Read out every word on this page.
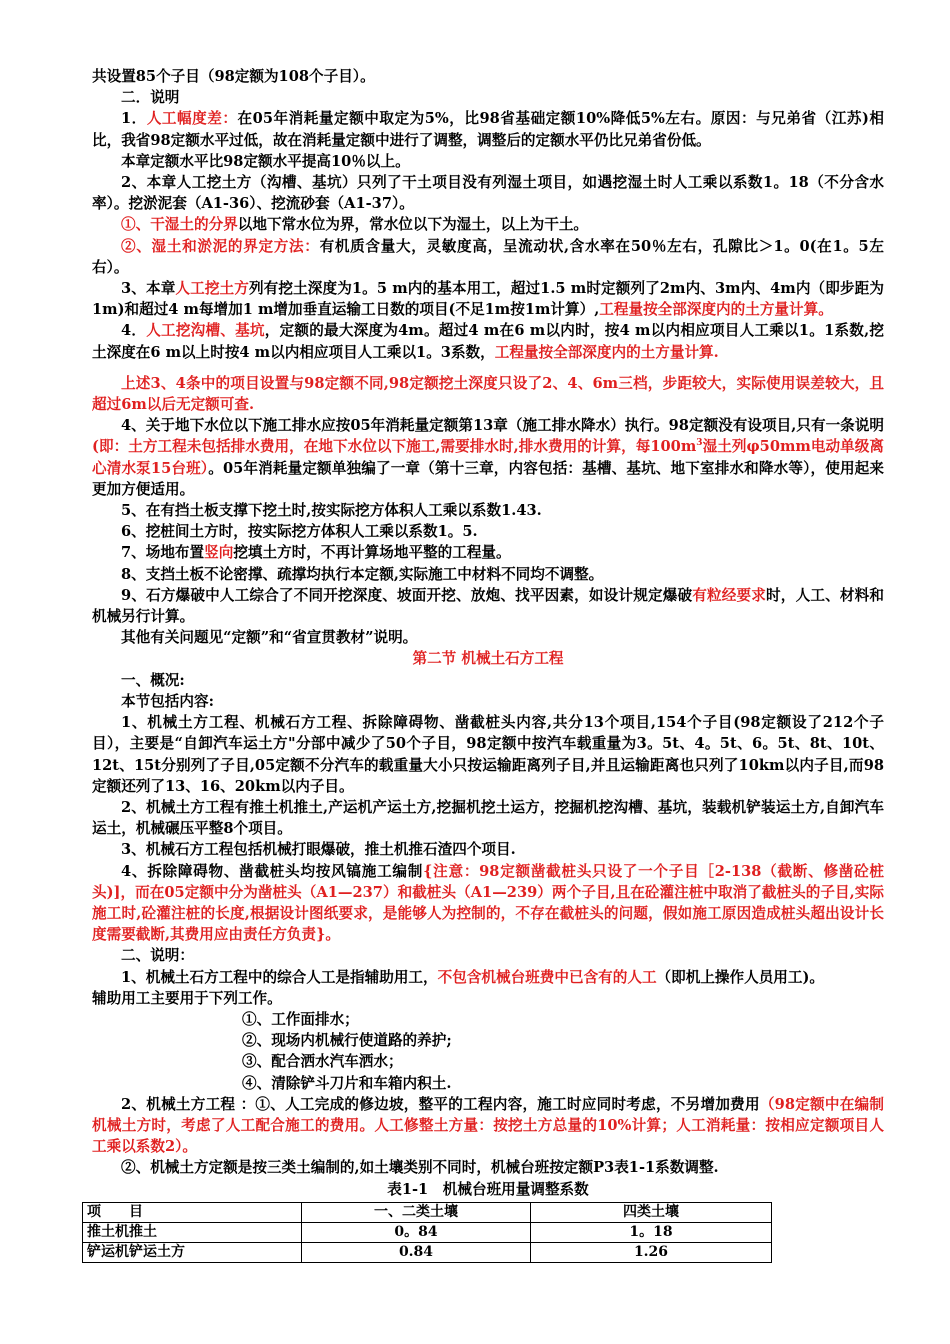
共设置85个子目（98定额为108个子目）。

二．说明

1．人工幅度差：在05年消耗量定额中取定为5%，比98省基础定额10%降低5%左右。原因：与兄弟省（江苏)相比，我省98定额水平过低，故在消耗量定额中进行了调整，调整后的定额水平仍比兄弟省份低。

本章定额水平比98定额水平提高10％以上。

2、本章人工挖土方（沟槽、基坑）只列了干土项目没有列湿土项目，如遇挖湿土时人工乘以系数1。18（不分含水率）。挖淤泥套（A1-36）、挖流砂套（A1-37）。

①、干湿土的分界以地下常水位为界，常水位以下为湿土，以上为干土。

②、湿土和淤泥的界定方法：有机质含量大，灵敏度高，呈流动状,含水率在50％左右，孔隙比＞1。0(在1。5左右）。

3、本章人工挖土方列有挖土深度为1。5 m内的基本用工，超过1.5 m时定额列了2m内、3m内、4m内（即步距为1m)和超过4 m每增加1 m增加垂直运输工日数的项目(不足1m按1m计算）,工程量按全部深度内的土方量计算。

4．人工挖沟槽、基坑，定额的最大深度为4m。超过4 m在6 m以内时，按4 m以内相应项目人工乘以1。1系数,挖土深度在6 m以上时按4 m以内相应项目人工乘以1。3系数，工程量按全部深度内的土方量计算.

上述3、4条中的项目设置与98定额不同,98定额挖土深度只设了2、4、6m三档，步距较大，实际使用误差较大，且超过6m以后无定额可查.

4、关于地下水位以下施工排水应按05年消耗量定额第13章（施工排水降水）执行。98定额没有设项目,只有一条说明(即：土方工程未包括排水费用，在地下水位以下施工,需要排水时,排水费用的计算，每$100m^3$湿土列φ50mm电动单级离心清水泵15台班）。05年消耗量定额单独编了一章（第十三章，内容包括：基槽、基坑、地下室排水和降水等），使用起来更加方便适用。

5、在有挡土板支撑下挖土时,按实际挖方体积人工乘以系数1.43.

6、挖桩间土方时，按实际挖方体积人工乘以系数1。5.

7、场地布置竖向挖填土方时，不再计算场地平整的工程量。

8、支挡土板不论密撑、疏撑均执行本定额,实际施工中材料不同均不调整。

9、石方爆破中人工综合了不同开挖深度、坡面开挖、放炮、找平因素，如设计规定爆破有粒经要求时，人工、材料和机械另行计算。

其他有关问题见“定额”和“省宣贯教材”说明。

第二节 机械土石方工程

一、概况:

本节包括内容:

1、机械土方工程、机械石方工程、拆除障碍物、凿截桩头内容,共分13个项目,154个子目(98定额设了212个子目），主要是“自卸汽车运土方"分部中减少了50个子目，98定额中按汽车载重量为3。5t、4。5t、6。5t、8t、10t、12t、15t分别列了子目,05定额不分汽车的载重量大小只按运输距离列子目,并且运输距离也只列了10km以内子目,而98定额还列了13、16、20km以内子目。

2、机械土方工程有推土机推土,产运机产运土方,挖掘机挖土运方，挖掘机挖沟槽、基坑，装载机铲装运土方,自卸汽车运土，机械碾压平整8个项目。

3、机械石方工程包括机械打眼爆破，推土机推石渣四个项目.

4、拆除障碍物、凿截桩头均按风镐施工编制{注意：98定额凿截桩头只设了一个子目［2-138（截断、修凿砼桩头)]，而在05定额中分为凿桩头（A1—237）和截桩头（A1—239）两个子目,且在砼灌注桩中取消了截桩头的子目,实际施工时,砼灌注桩的长度,根据设计图纸要求，是能够人为控制的，不存在截桩头的问题，假如施工原因造成桩头超出设计长度需要截断,其费用应由责任方负责}。

二、说明：

1、机械土石方工程中的综合人工是指辅助用工，不包含机械台班费中已含有的人工（即机上操作人员用工)。

辅助用工主要用于下列工作。

①、工作面排水；

②、现场内机械行使道路的养护;

③、配合洒水汽车洒水；

④、清除铲斗刀片和车箱内积土.

2、机械土方工程 ：①、人工完成的修边坡，整平的工程内容，施工时应同时考虑，不另增加费用（98定额中在编制机械土方时，考虑了人工配合施工的费用。人工修整土方量：按挖土方总量的10%计算；人工消耗量：按相应定额项目人工乘以系数2）。

②、机械土方定额是按三类土编制的,如土壤类别不同时，机械台班按定额P3表1-1系数调整.

表1-1　机械台班用量调整系数

项　　目	一、二类土壤	四类土壤
推土机推土	0。84	1。18
铲运机铲运土方	0.84	1.26
